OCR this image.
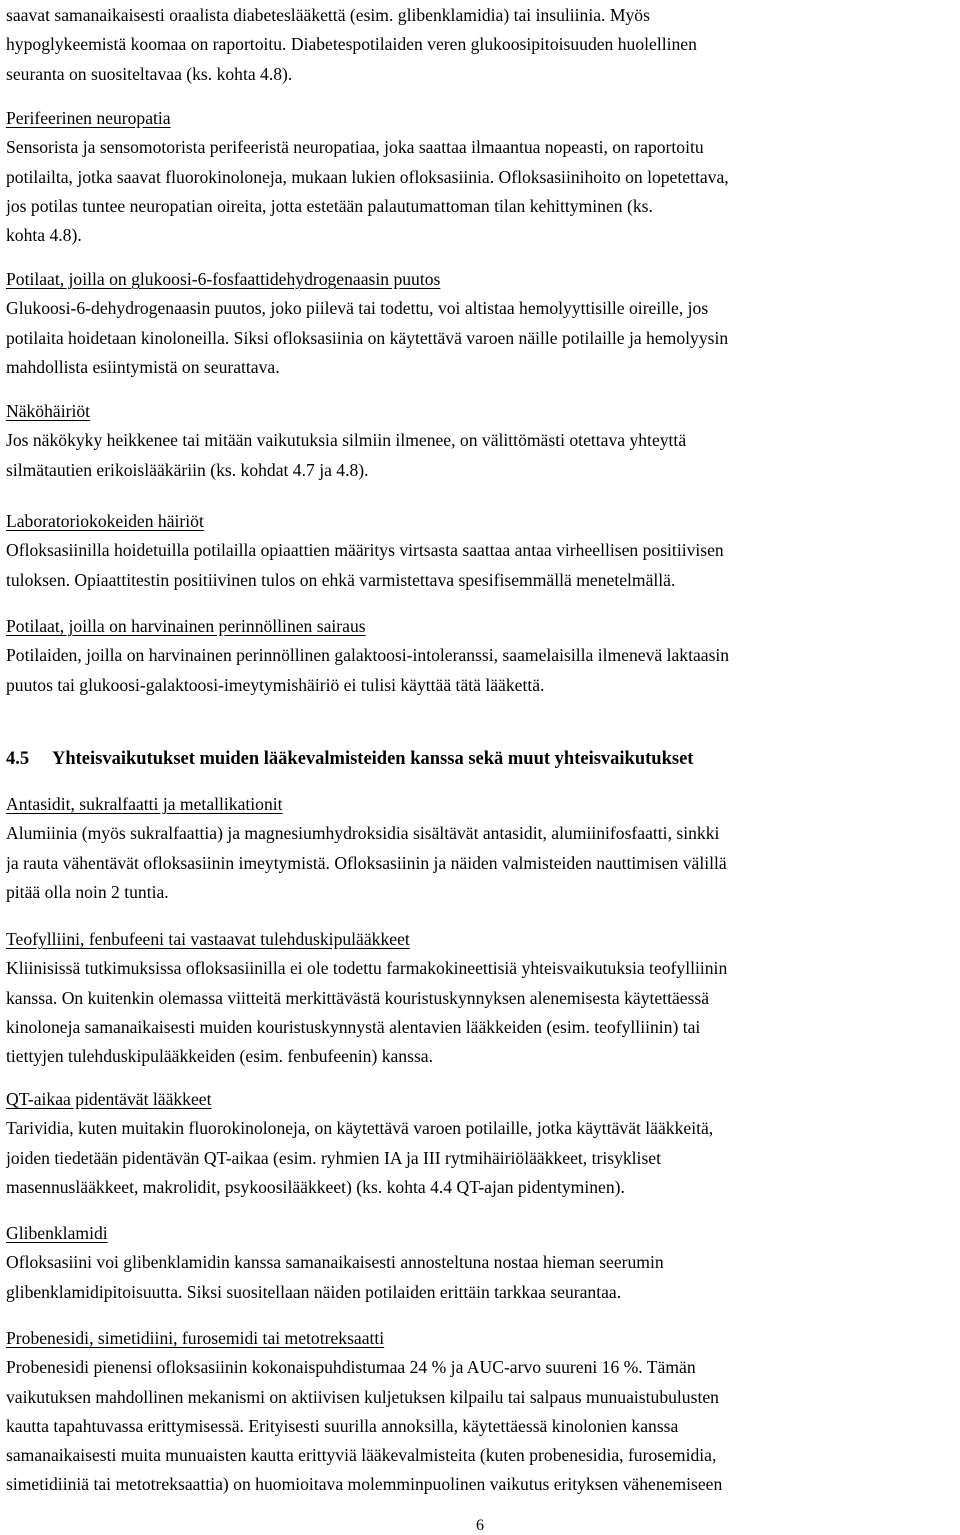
saavat samanaikaisesti oraalista diabeteslääkettä (esim. glibenklamidia) tai insuliinia. Myös
hypoglykeemistä koomaa on raportoitu. Diabetespotilaiden veren glukoosipitoisuuden huolellinen
seuranta on suositeltavaa (ks. kohta 4.8).
Perifeerinen neuropatia
Sensorista ja sensomotorista perifeeristä neuropatiaa, joka saattaa ilmaantua nopeasti, on raportoitu
potilailta, jotka saavat fluorokinoloneja, mukaan lukien ofloksasiinia. Ofloksasiinihoito on lopetettava,
jos potilas tuntee neuropatian oireita, jotta estetään palautumattoman tilan kehittyminen (ks.
kohta 4.8).
Potilaat, joilla on glukoosi-6-fosfaattidehydrogenaasin puutos
Glukoosi-6-dehydrogenaasin puutos, joko piilevä tai todettu, voi altistaa hemolyyttisille oireille, jos
potilaita hoidetaan kinoloneilla. Siksi ofloksasiinia on käytettävä varoen näille potilaille ja hemolyysin
mahdollista esiintymistä on seurattava.
Näköhäiriöt
Jos näkökyky heikkenee tai mitään vaikutuksia silmiin ilmenee, on välittömästi otettava yhteyttä
silmätautien erikoislääkäriin (ks. kohdat 4.7 ja 4.8).
Laboratoriokokeiden häiriöt
Ofloksasiinilla hoidetuilla potilailla opiaattien määritys virtsasta saattaa antaa virheellisen positiivisen
tuloksen. Opiaattitestin positiivinen tulos on ehkä varmistettava spesifisemmällä menetelmällä.
Potilaat, joilla on harvinainen perinnöllinen sairaus
Potilaiden, joilla on harvinainen perinnöllinen galaktoosi-intoleranssi, saamelaisilla ilmenevä laktaasin
puutos tai glukoosi-galaktoosi-imeytymishäiriö ei tulisi käyttää tätä lääkettä.
4.5 Yhteisvaikutukset muiden lääkevalmisteiden kanssa sekä muut yhteisvaikutukset
Antasidit, sukralfaatti ja metallikationit
Alumiinia (myös sukralfaattia) ja magnesiumhydroksidia sisältävät antasidit, alumiinifosfaatti, sinkki
ja rauta vähentävät ofloksasiinin imeytymistä. Ofloksasiinin ja näiden valmisteiden nauttimisen välillä
pitää olla noin 2 tuntia.
Teofylliini, fenbufeeni tai vastaavat tulehduskipulääkkeet
Kliinisissä tutkimuksissa ofloksasiinilla ei ole todettu farmakokineettisiä yhteisvaikutuksia teofylliinin
kanssa. On kuitenkin olemassa viitteitä merkittävästä kouristuskynnyksen alenemisesta käytettäessä
kinoloneja samanaikaisesti muiden kouristuskynnystä alentavien lääkkeiden (esim. teofylliinin) tai
tiettyjen tulehduskipulääkkeiden (esim. fenbufeenin) kanssa.
QT-aikaa pidentävät lääkkeet
Tarividia, kuten muitakin fluorokinoloneja, on käytettävä varoen potilaille, jotka käyttävät lääkkeitä,
joiden tiedetään pidentävän QT-aikaa (esim. ryhmien IA ja III rytmihäiriölääkkeet, trisykliset
masennuslääkkeet, makrolidit, psykoosilääkkeet) (ks. kohta 4.4 QT-ajan pidentyminen).
Glibenklamidi
Ofloksasiini voi glibenklamidin kanssa samanaikaisesti annosteltuna nostaa hieman seerumin
glibenklamidipitoisuutta. Siksi suositellaan näiden potilaiden erittäin tarkkaa seurantaa.
Probenesidi, simetidiini, furosemidi tai metotreksaatti
Probenesidi pienensi ofloksasiinin kokonaispuhdistumaa 24 % ja AUC-arvo suureni 16 %. Tämän
vaikutuksen mahdollinen mekanismi on aktiivisen kuljetuksen kilpailu tai salpaus munuaistubulusten
kautta tapahtuvassa erittymisessä. Erityisesti suurilla annoksilla, käytettäessä kinolonien kanssa
samanaikaisesti muita munuaisten kautta erittyviä lääkevalmisteita (kuten probenesidia, furosemidia,
simetidiiniä tai metotreksaattia) on huomioitava molemminpuolinen vaikutus erityksen vähenemiseen
6
